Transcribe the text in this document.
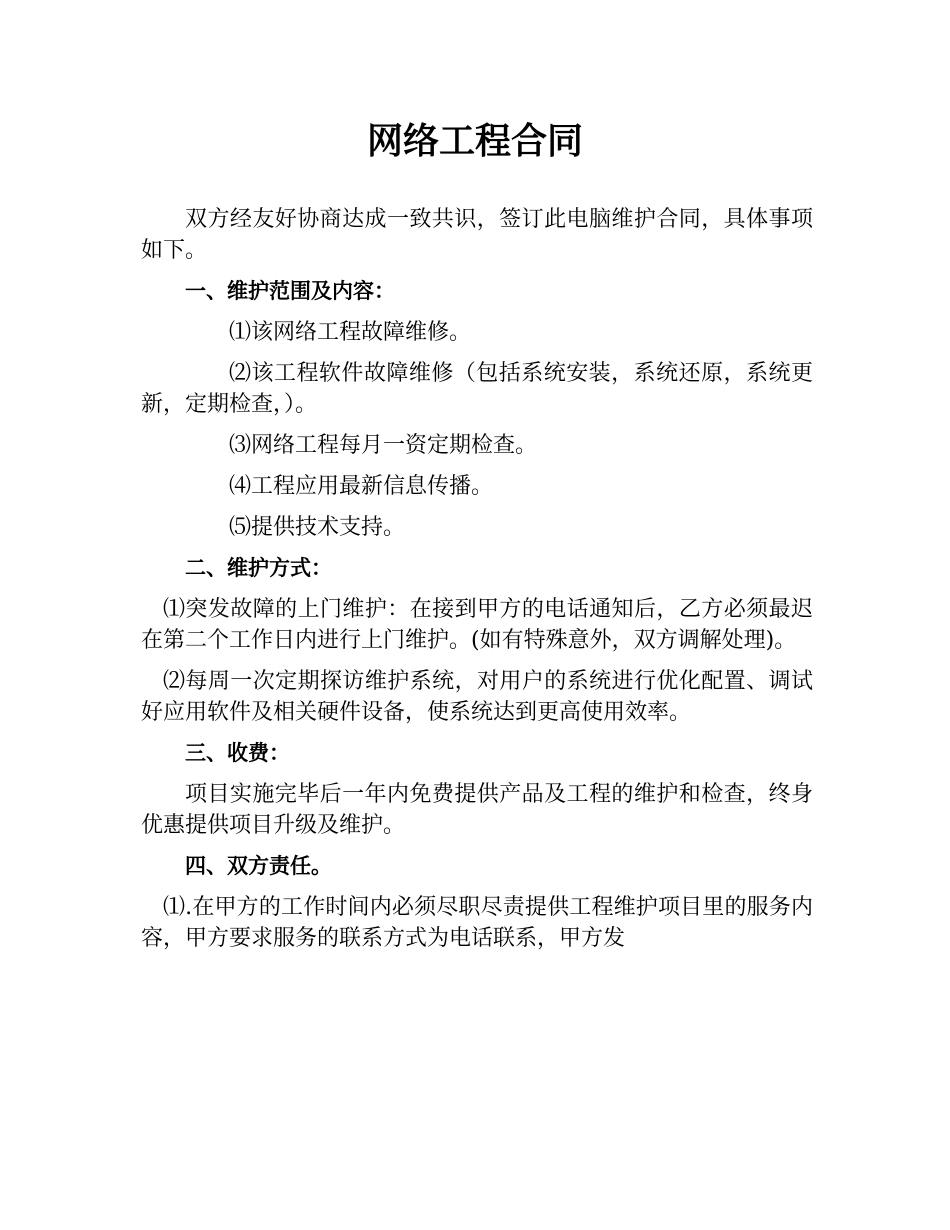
网络工程合同

双方经友好协商达成一致共识，签订此电脑维护合同，具体事项如下。

一、维护范围及内容：

⑴该网络工程故障维修。

⑵该工程软件故障维修（包括系统安装，系统还原，系统更新，定期检查，）。

⑶网络工程每月一资定期检查。

⑷工程应用最新信息传播。

⑸提供技术支持。

二、维护方式：

⑴突发故障的上门维护：在接到甲方的电话通知后，乙方必须最迟在第二个工作日内进行上门维护。(如有特殊意外，双方调解处理)。

⑵每周一次定期探访维护系统，对用户的系统进行优化配置、调试好应用软件及相关硬件设备，使系统达到更高使用效率。

三、收费：

项目实施完毕后一年内免费提供产品及工程的维护和检查，终身优惠提供项目升级及维护。

四、双方责任。

⑴.在甲方的工作时间内必须尽职尽责提供工程维护项目里的服务内容，甲方要求服务的联系方式为电话联系，甲方发
